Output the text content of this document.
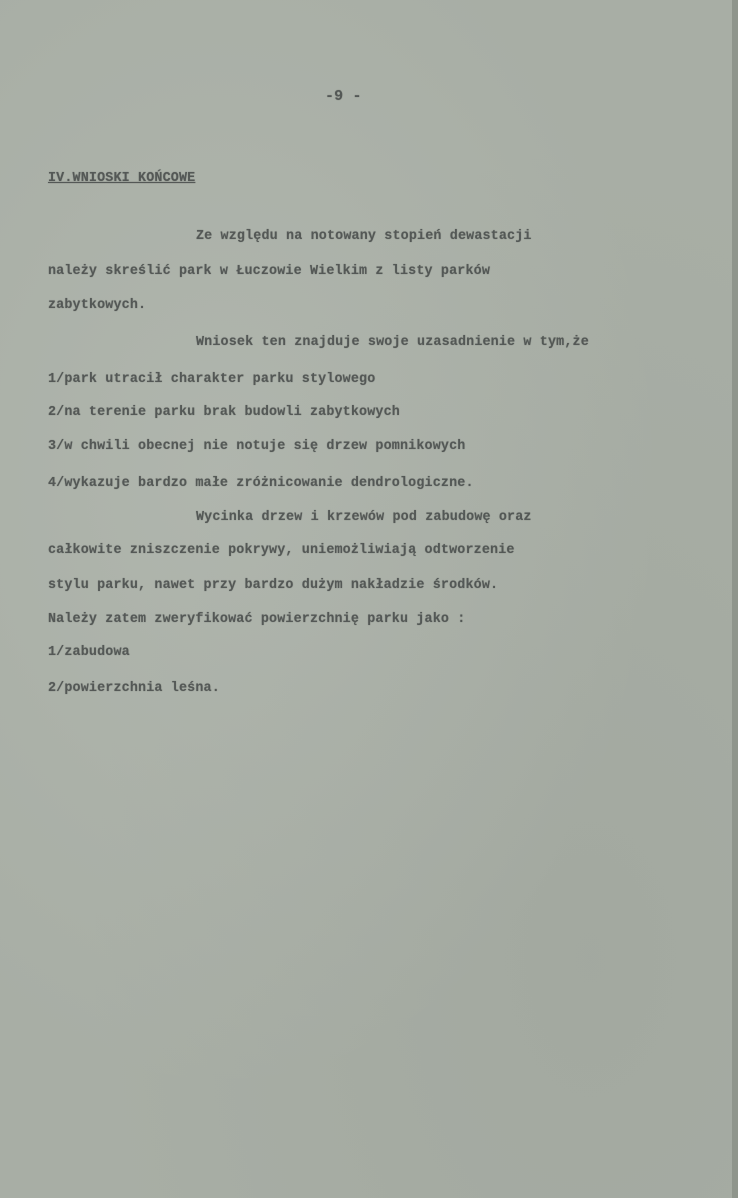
-9 -
IV.WNIOSKI KOŃCOWE
Ze względu na notowany stopień dewastacji
należy skreślić park w Łuczowie Wielkim z listy parków
zabytkowych.
Wniosek ten znajduje swoje uzasadnienie w tym,że
1/park utracił charakter parku stylowego
2/na terenie parku brak budowli zabytkowych
3/w chwili obecnej nie notuje się drzew pomnikowych
4/wykazuje bardzo małe zróżnicowanie dendrologiczne.
Wycinka drzew i krzewów pod zabudowę oraz
całkowite zniszczenie pokrywy, uniemożliwiają odtworzenie
stylu parku, nawet przy bardzo dużym nakładzie środków.
Należy zatem zweryfikować powierzchnię parku jako :
1/zabudowa
2/powierzchnia leśna.
